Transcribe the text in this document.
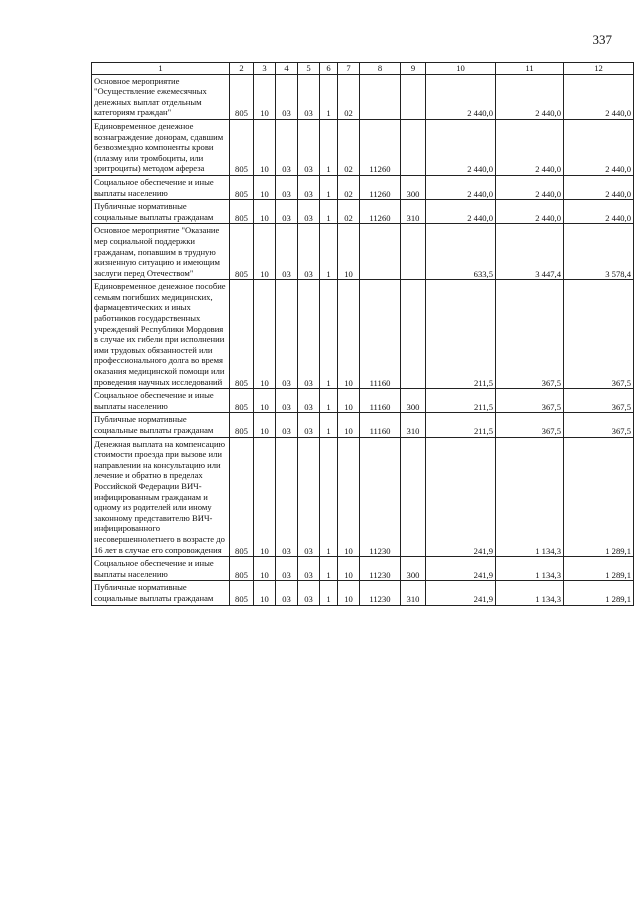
337
1	2	3	4	5	6	7	8	9	10	11	12
Основное мероприятие "Осуществление ежемесячных денежных выплат отдельным категориям граждан"	805	10	03	03	1	02			2 440,0	2 440,0	2 440,0
Единовременное денежное вознаграждение донорам, сдавшим безвозмездно компоненты крови (плазму или тромбоциты, или эритроциты) методом афереза	805	10	03	03	1	02	11260		2 440,0	2 440,0	2 440,0
Социальное обеспечение и иные выплаты населению	805	10	03	03	1	02	11260	300	2 440,0	2 440,0	2 440,0
Публичные нормативные социальные выплаты гражданам	805	10	03	03	1	02	11260	310	2 440,0	2 440,0	2 440,0
Основное мероприятие "Оказание мер социальной поддержки гражданам, попавшим в трудную жизненную ситуацию и имеющим заслуги перед Отечеством"	805	10	03	03	1	10			633,5	3 447,4	3 578,4
Единовременное денежное пособие семьям погибших медицинских, фармацевтических и иных работников государственных учреждений Республики Мордовия в случае их гибели при исполнении ими трудовых обязанностей или профессионального долга во время оказания медицинской помощи или проведения научных исследований	805	10	03	03	1	10	11160		211,5	367,5	367,5
Социальное обеспечение и иные выплаты населению	805	10	03	03	1	10	11160	300	211,5	367,5	367,5
Публичные нормативные социальные выплаты гражданам	805	10	03	03	1	10	11160	310	211,5	367,5	367,5
Денежная выплата на компенсацию стоимости проезда при вызове или направлении на консультацию или лечение и обратно в пределах Российской Федерации ВИЧ-инфицированным гражданам и одному из родителей или иному законному представителю ВИЧ-инфицированного несовершеннолетнего в возрасте до 16 лет в случае его сопровождения	805	10	03	03	1	10	11230		241,9	1 134,3	1 289,1
Социальное обеспечение и иные выплаты населению	805	10	03	03	1	10	11230	300	241,9	1 134,3	1 289,1
Публичные нормативные социальные выплаты гражданам	805	10	03	03	1	10	11230	310	241,9	1 134,3	1 289,1
